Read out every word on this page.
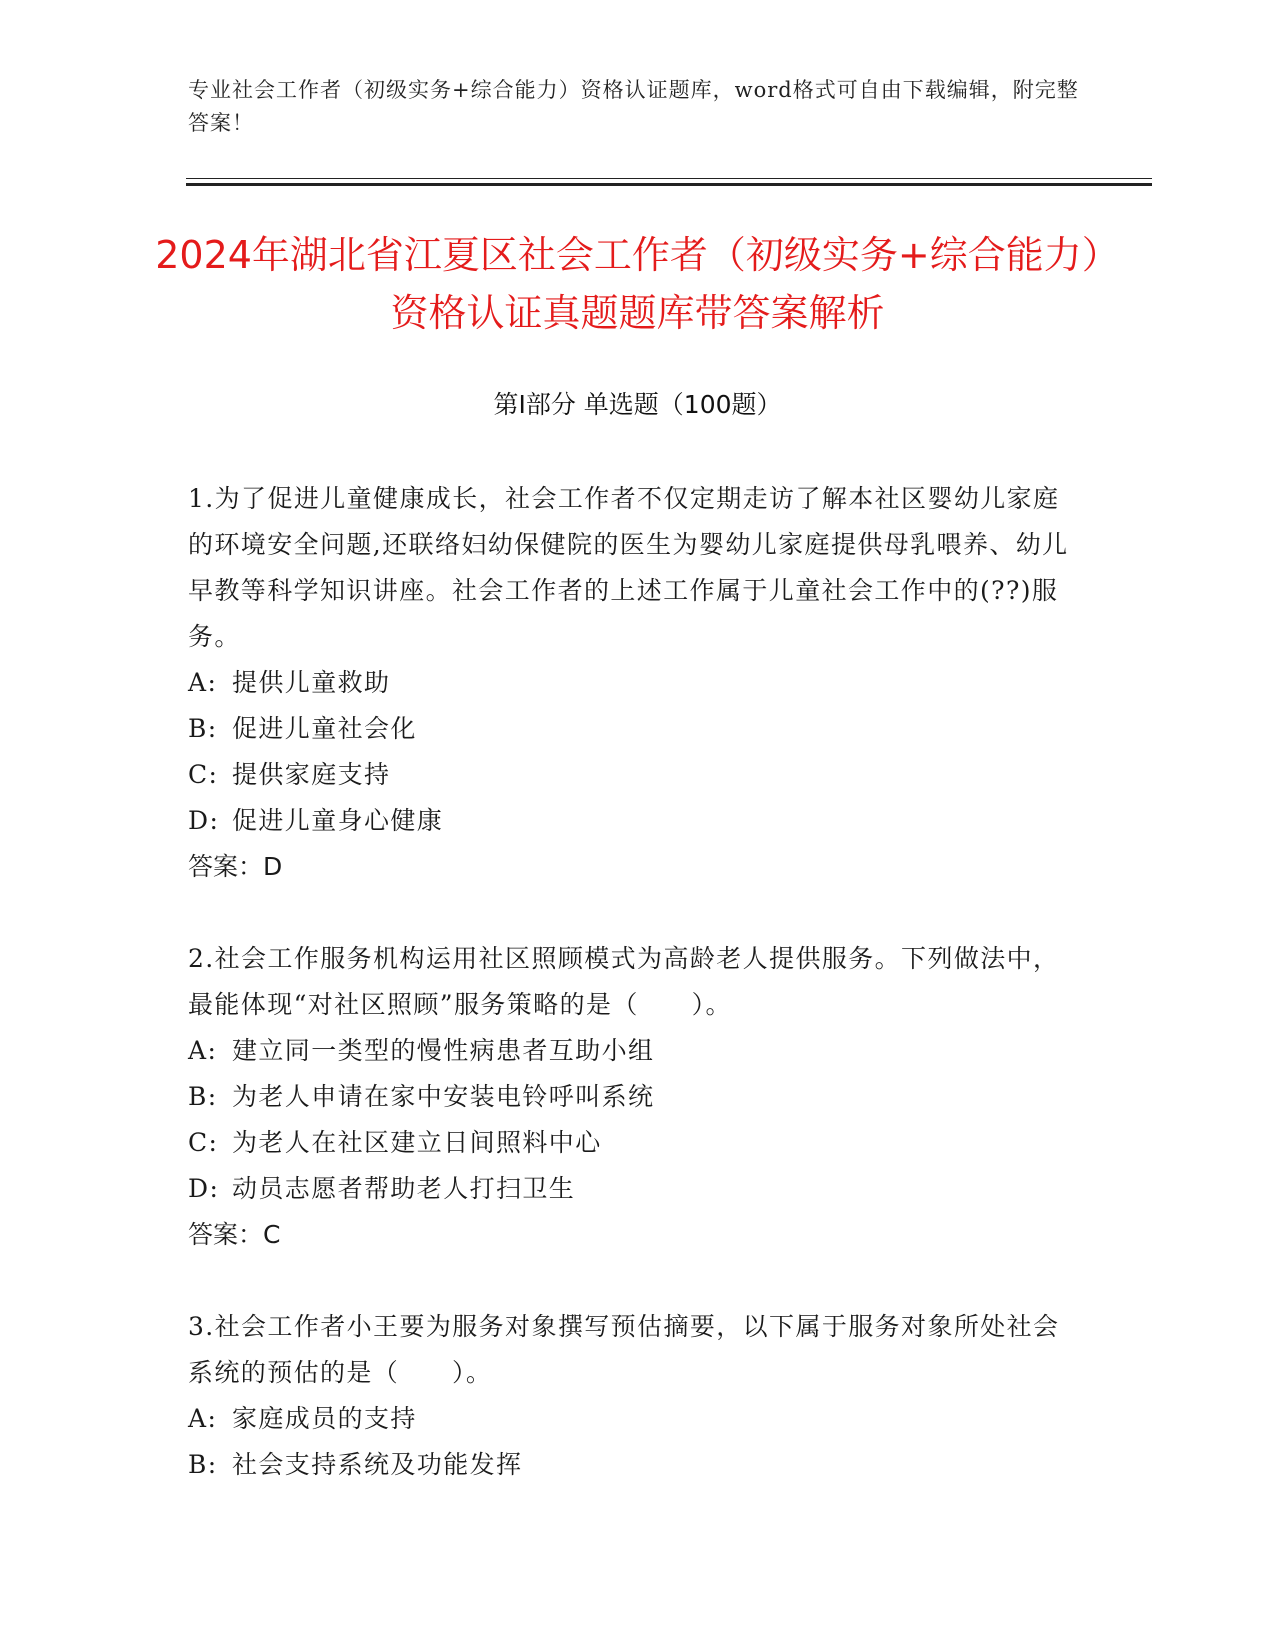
专业社会工作者（初级实务+综合能力）资格认证题库，word格式可自由下载编辑，附完整答案！
2024年湖北省江夏区社会工作者（初级实务+综合能力）资格认证真题题库带答案解析
第I部分 单选题（100题）

1.为了促进儿童健康成长，社会工作者不仅定期走访了解本社区婴幼儿家庭的环境安全问题,还联络妇幼保健院的医生为婴幼儿家庭提供母乳喂养、幼儿早教等科学知识讲座。社会工作者的上述工作属于儿童社会工作中的(??)服务。

A: 提供儿童救助

B: 促进儿童社会化

C: 提供家庭支持

D: 促进儿童身心健康

答案：D

2.社会工作服务机构运用社区照顾模式为高龄老人提供服务。下列做法中，最能体现“对社区照顾”服务策略的是（　　）。

A: 建立同一类型的慢性病患者互助小组

B: 为老人申请在家中安装电铃呼叫系统

C: 为老人在社区建立日间照料中心

D: 动员志愿者帮助老人打扫卫生

答案：C

3.社会工作者小王要为服务对象撰写预估摘要，以下属于服务对象所处社会系统的预估的是（　　）。

A: 家庭成员的支持

B: 社会支持系统及功能发挥
